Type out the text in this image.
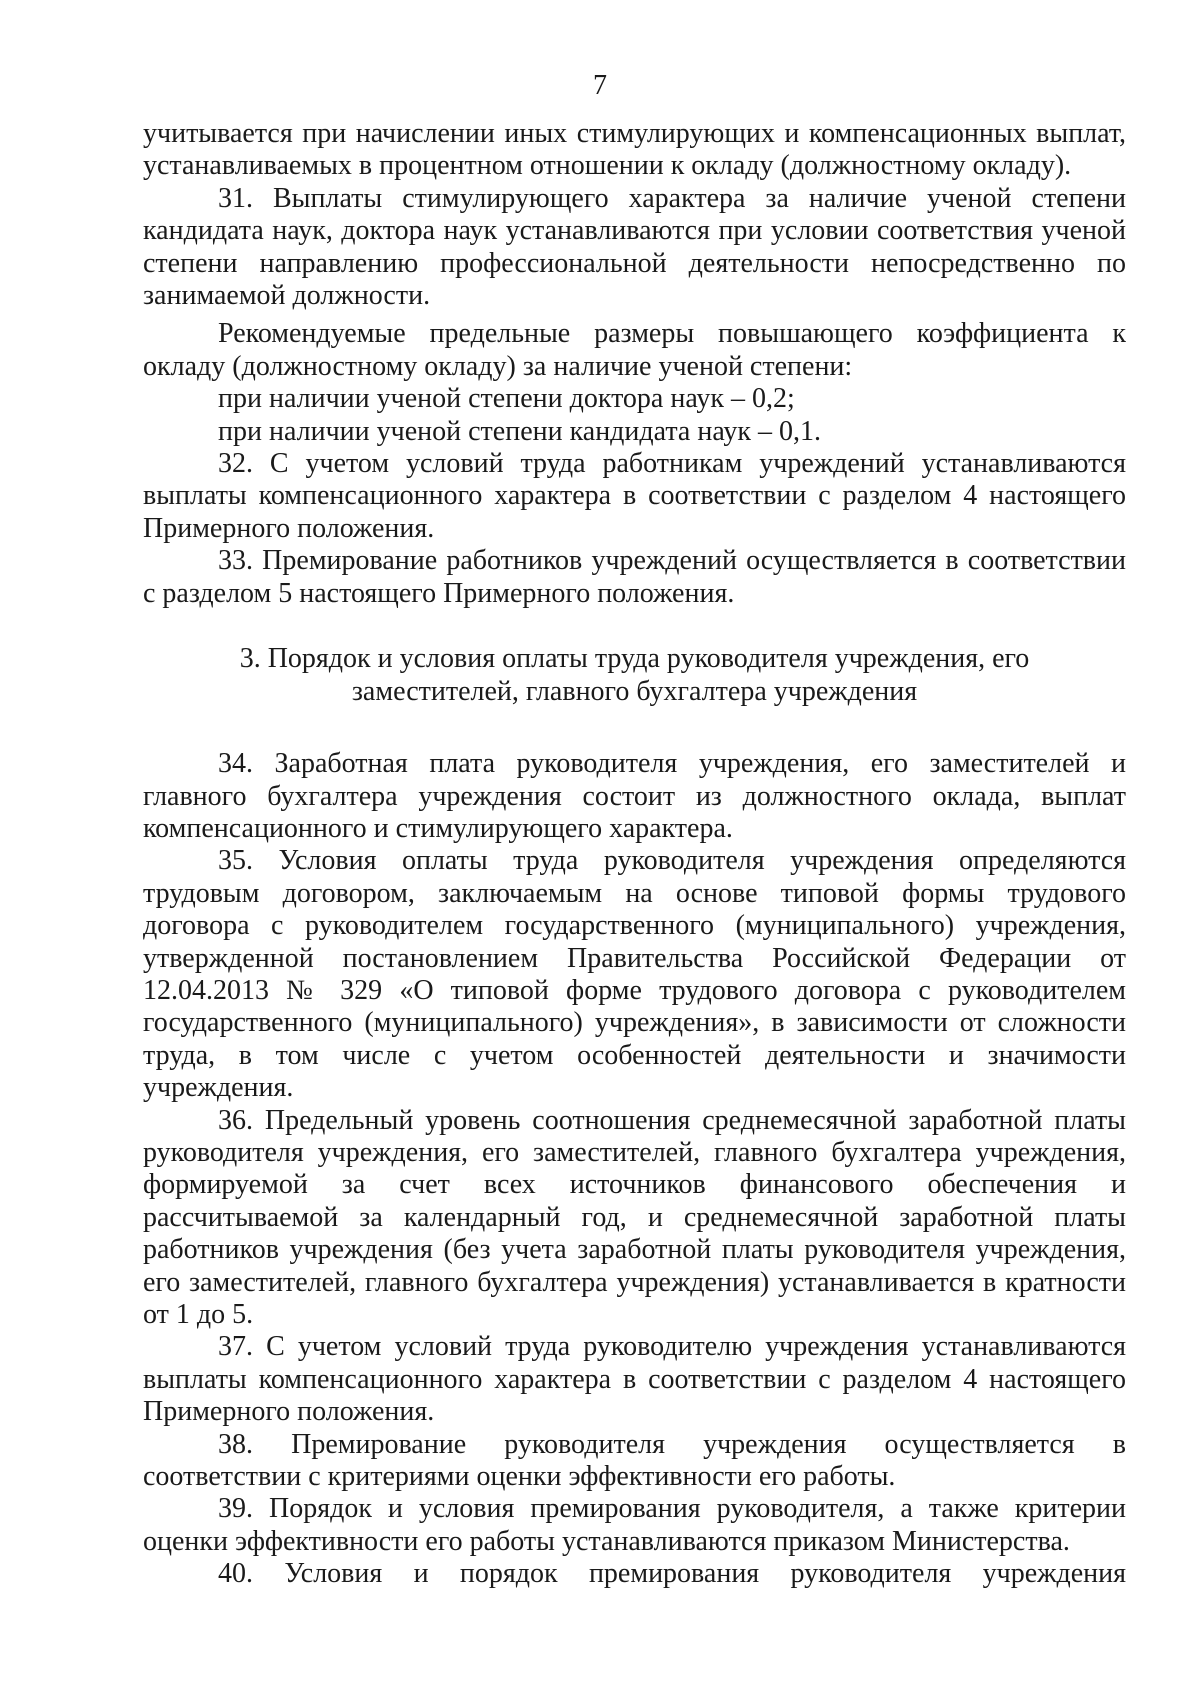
7

учитывается при начислении иных стимулирующих и компенсационных выплат, устанавливаемых в процентном отношении к окладу (должностному окладу).

31. Выплаты стимулирующего характера за наличие ученой степени кандидата наук, доктора наук устанавливаются при условии соответствия ученой степени направлению профессиональной деятельности непосредственно по занимаемой должности.

Рекомендуемые предельные размеры повышающего коэффициента к окладу (должностному окладу) за наличие ученой степени:

при наличии ученой степени доктора наук – 0,2;

при наличии ученой степени кандидата наук – 0,1.

32. С учетом условий труда работникам учреждений устанавливаются выплаты компенсационного характера в соответствии с разделом 4 настоящего Примерного положения.

33. Премирование работников учреждений осуществляется в соответствии с разделом 5 настоящего Примерного положения.

3. Порядок и условия оплаты труда руководителя учреждения, его
заместителей, главного бухгалтера учреждения

34. Заработная плата руководителя учреждения, его заместителей и главного бухгалтера учреждения состоит из должностного оклада, выплат компенсационного и стимулирующего характера.

35. Условия оплаты труда руководителя учреждения определяются трудовым договором, заключаемым на основе типовой формы трудового договора с руководителем государственного (муниципального) учреждения, утвержденной постановлением Правительства Российской Федерации от 12.04.2013 № 329 «О типовой форме трудового договора с руководителем государственного (муниципального) учреждения», в зависимости от сложности труда, в том числе с учетом особенностей деятельности и значимости учреждения.

36. Предельный уровень соотношения среднемесячной заработной платы руководителя учреждения, его заместителей, главного бухгалтера учреждения, формируемой за счет всех источников финансового обеспечения и рассчитываемой за календарный год, и среднемесячной заработной платы работников учреждения (без учета заработной платы руководителя учреждения, его заместителей, главного бухгалтера учреждения) устанавливается в кратности от 1 до 5.

37. С учетом условий труда руководителю учреждения устанавливаются выплаты компенсационного характера в соответствии с разделом 4 настоящего Примерного положения.

38. Премирование руководителя учреждения осуществляется в соответствии с критериями оценки эффективности его работы.

39. Порядок и условия премирования руководителя, а также критерии оценки эффективности его работы устанавливаются приказом Министерства.

40. Условия и порядок премирования руководителя учреждения
